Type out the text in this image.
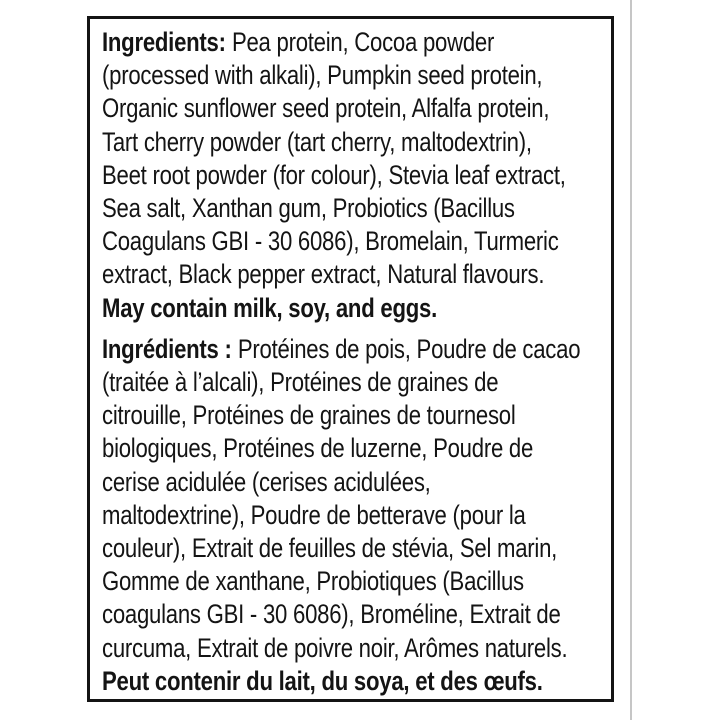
Ingredients: Pea protein, Cocoa powder
(processed with alkali), Pumpkin seed protein,
Organic sunflower seed protein, Alfalfa protein,
Tart cherry powder (tart cherry, maltodextrin),
Beet root powder (for colour), Stevia leaf extract,
Sea salt, Xanthan gum, Probiotics (Bacillus
Coagulans GBI - 30 6086), Bromelain, Turmeric
extract, Black pepper extract, Natural flavours.
May contain milk, soy, and eggs.
Ingrédients : Protéines de pois, Poudre de cacao
(traitée à l’alcali), Protéines de graines de
citrouille, Protéines de graines de tournesol
biologiques, Protéines de luzerne, Poudre de
cerise acidulée (cerises acidulées,
maltodextrine), Poudre de betterave (pour la
couleur), Extrait de feuilles de stévia, Sel marin,
Gomme de xanthane, Probiotiques (Bacillus
coagulans GBI - 30 6086), Broméline, Extrait de
curcuma, Extrait de poivre noir, Arômes naturels.
Peut contenir du lait, du soya, et des œufs.
